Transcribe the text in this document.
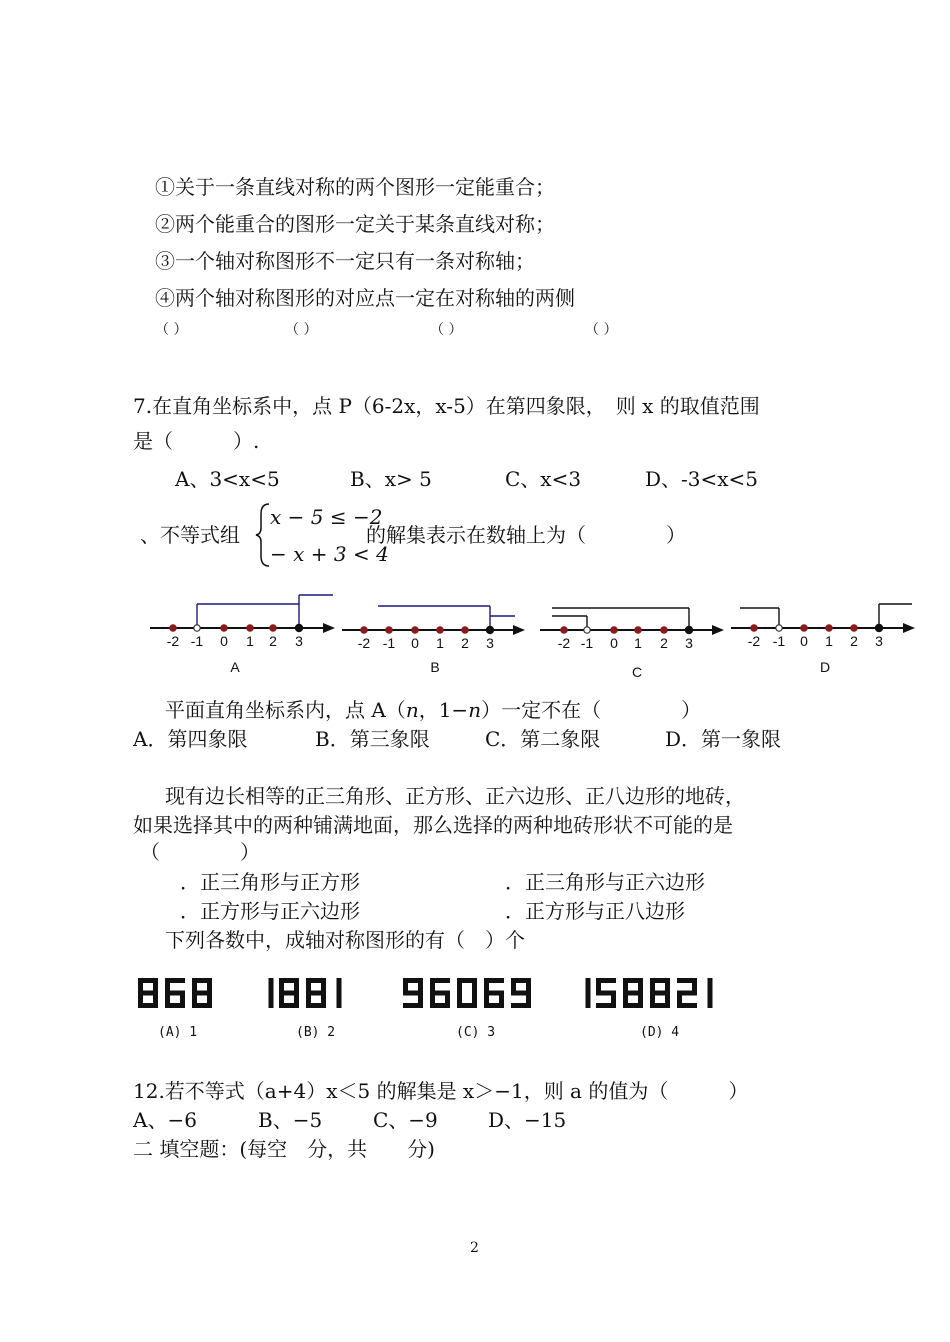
①关于一条直线对称的两个图形一定能重合；
②两个能重合的图形一定关于某条直线对称；
③一个轴对称图形不一定只有一条对称轴；
④两个轴对称图形的对应点一定在对称轴的两侧
（ ）	（ ）	（ ）	（ ）
7.在直角坐标系中，点 P（6-2x，x-5）在第四象限，　则 x 的取值范围
是（　　　）.
A、3<x<5	B、x> 5	C、x<3	D、-3<x<5
、不等式组
x − 5 ≤ −2
− x + 3 < 4
的解集表示在数轴上为（　　　　）
-2 -1 0 1 2 3
A
-2 -1 0 1 2 3
B
-2 -1 0 1 2 3
C
-2 -1 0 1 2 3
D
平面直角坐标系内，点 A（n，1−n）一定不在（　　　　）
A．第四象限	B．第三象限	C．第二象限	D．第一象限
现有边长相等的正三角形、正方形、正六边形、正八边形的地砖，
如果选择其中的两种铺满地面，那么选择的两种地砖形状不可能的是
（　　　　）
．正三角形与正方形	．正三角形与正六边形
．正方形与正六边形	．正方形与正八边形
下列各数中，成轴对称图形的有（　）个
(A) 1	(B) 2	(C) 3	(D) 4
12.若不等式（a+4）x＜5 的解集是 x＞−1，则 a 的值为（　　　）
A、−6	B、−5	C、−9	D、−15
二 填空题：(每空　分，共　　分)
2
